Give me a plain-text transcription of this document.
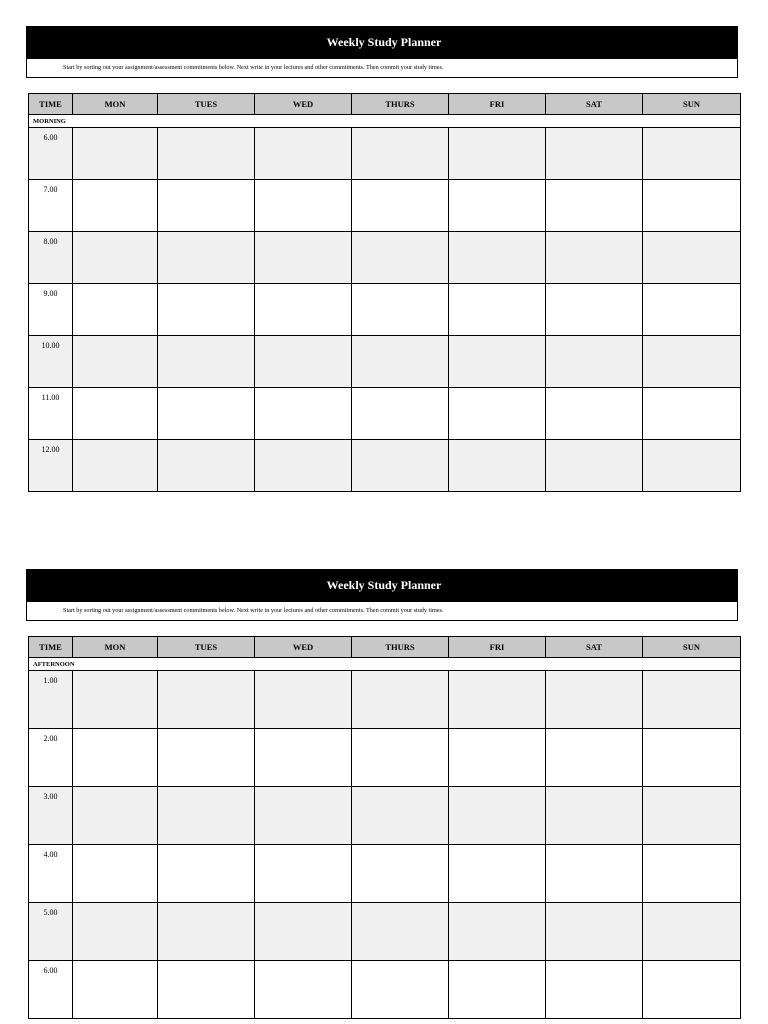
Weekly Study Planner
Start by sorting out your assignment/assessment commitments below. Next write in your lectures and other commitments. Then commit your study times.
TIME	MON	TUES	WED	THURS	FRI	SAT	SUN
MORNING							
6.00							
7.00							
8.00							
9.00							
10.00							
11.00							
12.00							
Weekly Study Planner
Start by sorting out your assignment/assessment commitments below. Next write in your lectures and other commitments. Then commit your study times.
TIME	MON	TUES	WED	THURS	FRI	SAT	SUN
AFTERNOON							
1.00							
2.00							
3.00							
4.00							
5.00							
6.00							
